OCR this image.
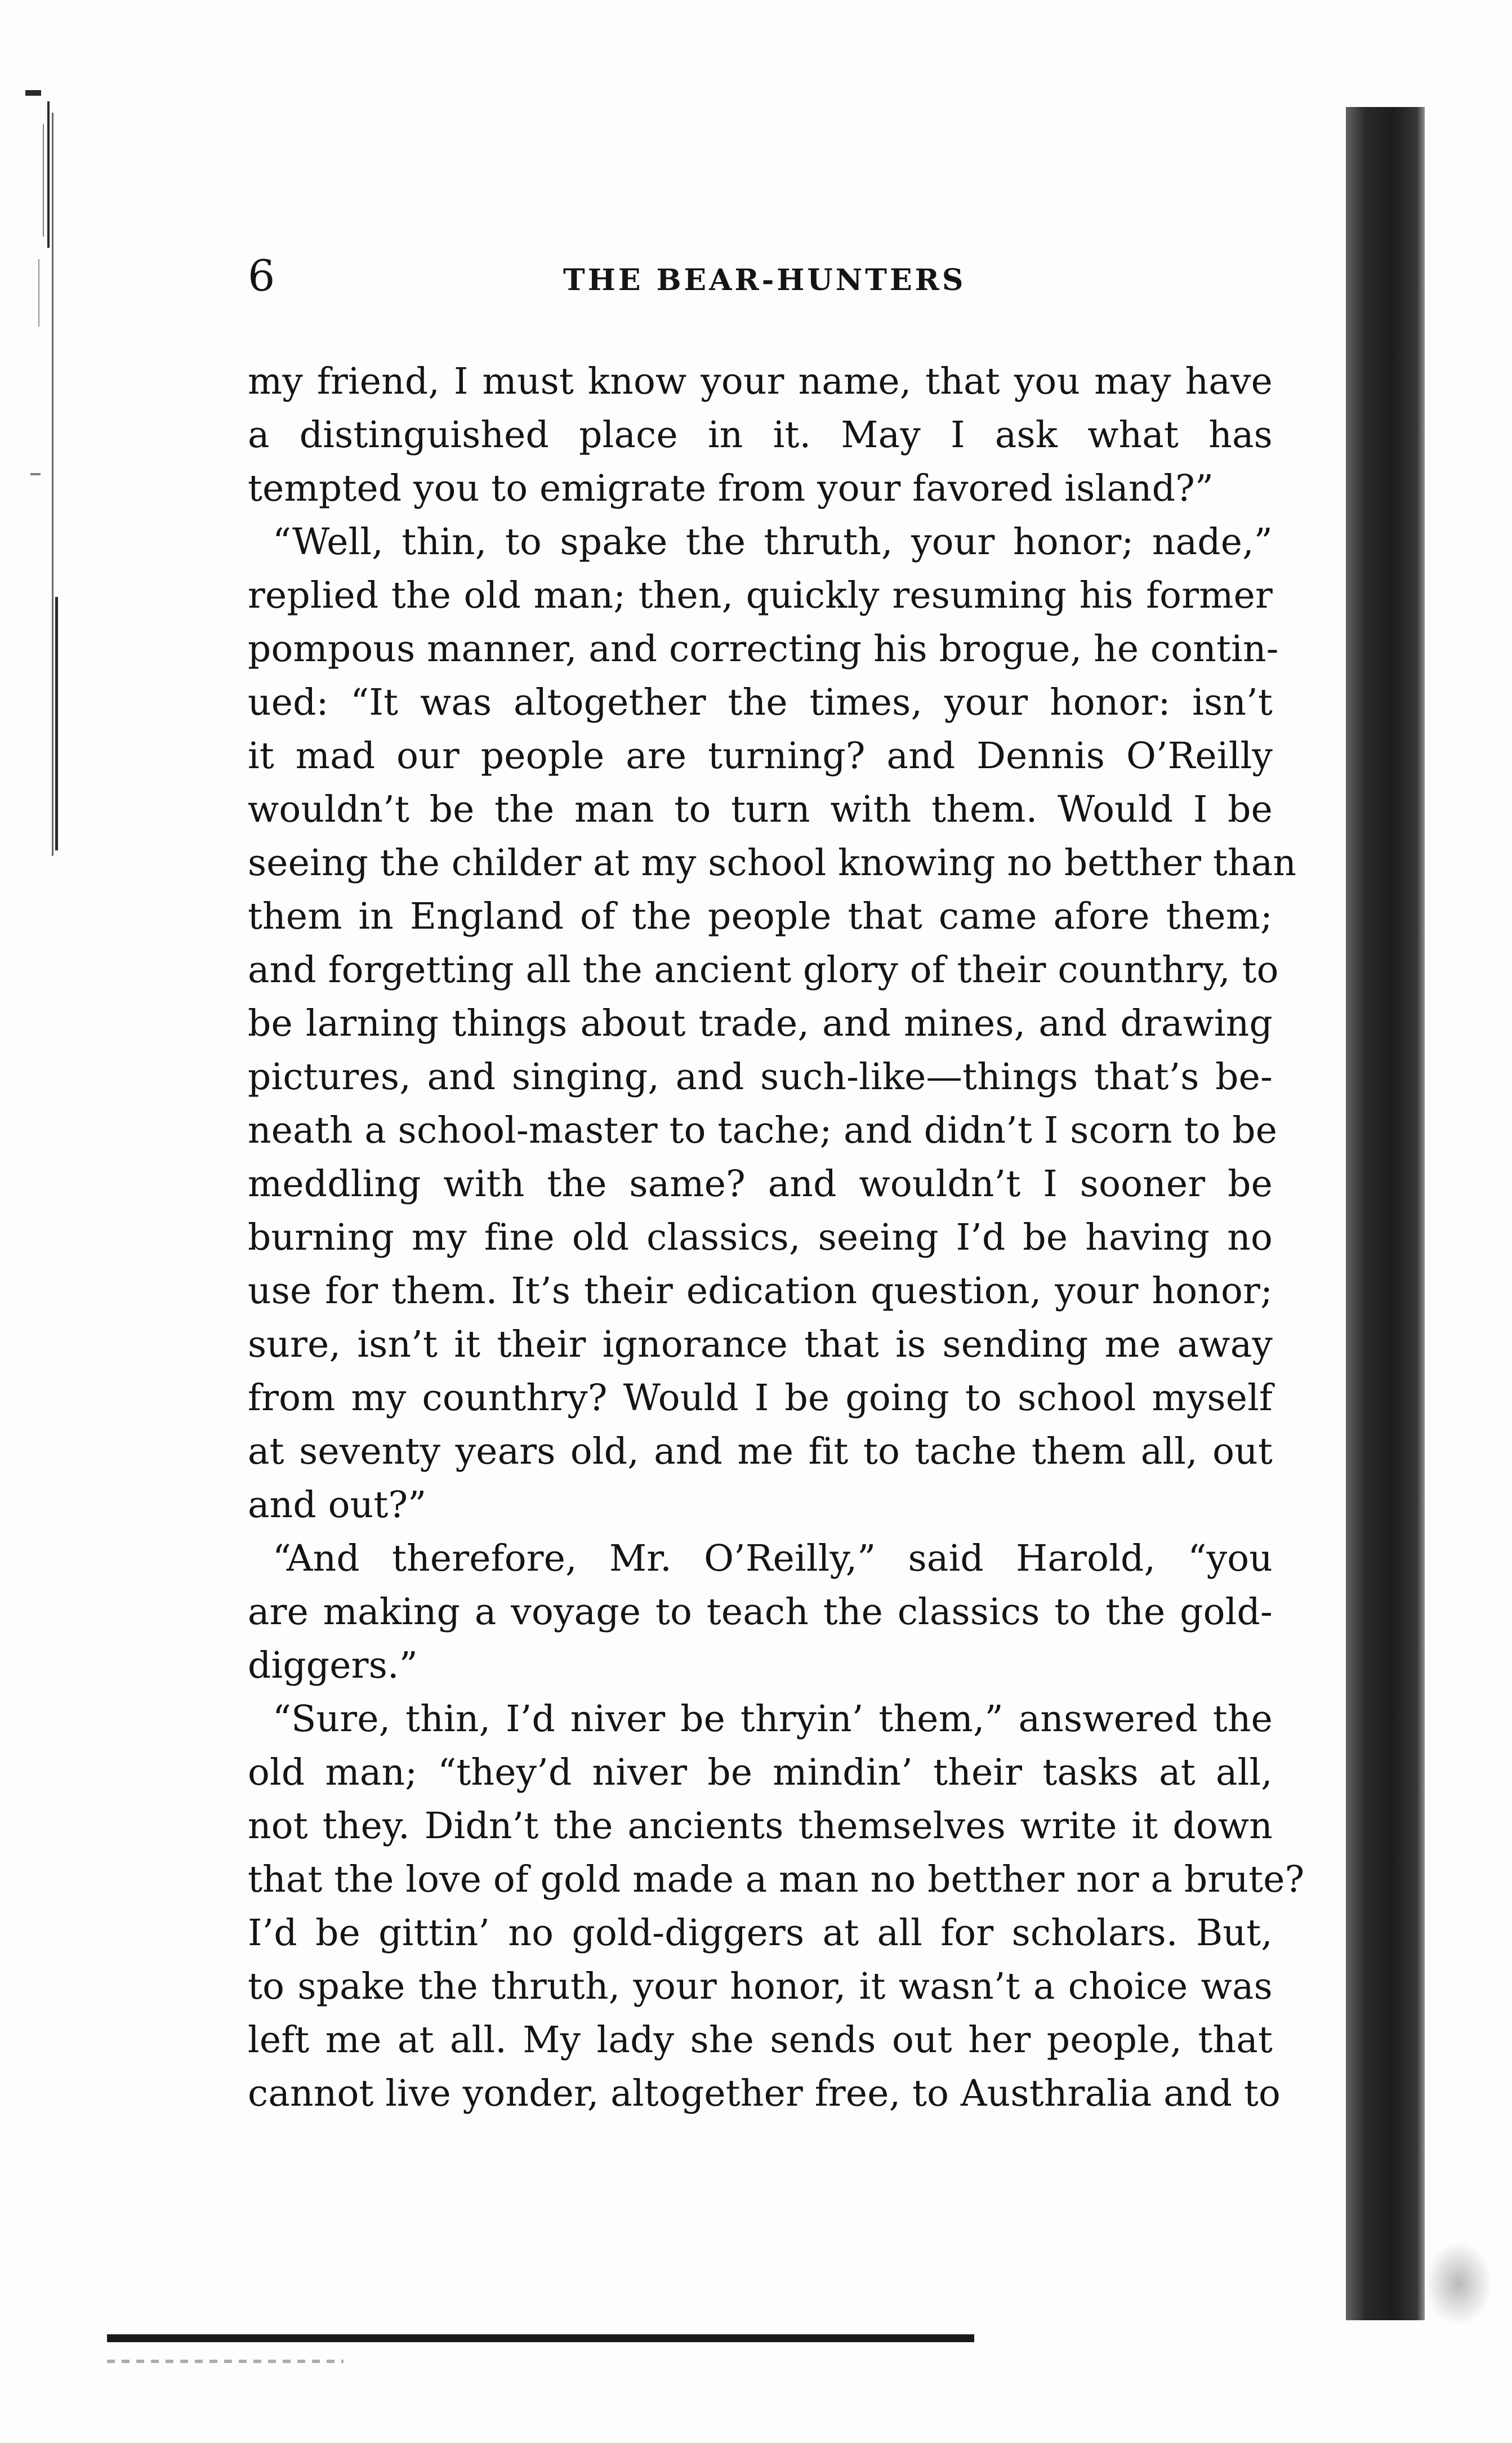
6	THE BEAR-HUNTERS
my friend, I must know your name, that you may have
a distinguished place in it. May I ask what has
tempted you to emigrate from your favored island?”
“Well, thin, to spake the thruth, your honor; nade,”
replied the old man; then, quickly resuming his former
pompous manner, and correcting his brogue, he contin-
ued: “It was altogether the times, your honor: isn’t
it mad our people are turning? and Dennis O’Reilly
wouldn’t be the man to turn with them. Would I be
seeing the childer at my school knowing no betther than
them in England of the people that came afore them;
and forgetting all the ancient glory of their counthry, to
be larning things about trade, and mines, and drawing
pictures, and singing, and such-like—things that’s be-
neath a school-master to tache; and didn’t I scorn to be
meddling with the same? and wouldn’t I sooner be
burning my fine old classics, seeing I’d be having no
use for them. It’s their edication question, your honor;
sure, isn’t it their ignorance that is sending me away
from my counthry? Would I be going to school myself
at seventy years old, and me fit to tache them all, out
and out?”
“And therefore, Mr. O’Reilly,” said Harold, “you
are making a voyage to teach the classics to the gold-
diggers.”
“Sure, thin, I’d niver be thryin’ them,” answered the
old man; “they’d niver be mindin’ their tasks at all,
not they. Didn’t the ancients themselves write it down
that the love of gold made a man no betther nor a brute?
I’d be gittin’ no gold-diggers at all for scholars. But,
to spake the thruth, your honor, it wasn’t a choice was
left me at all. My lady she sends out her people, that
cannot live yonder, altogether free, to Austhralia and to
